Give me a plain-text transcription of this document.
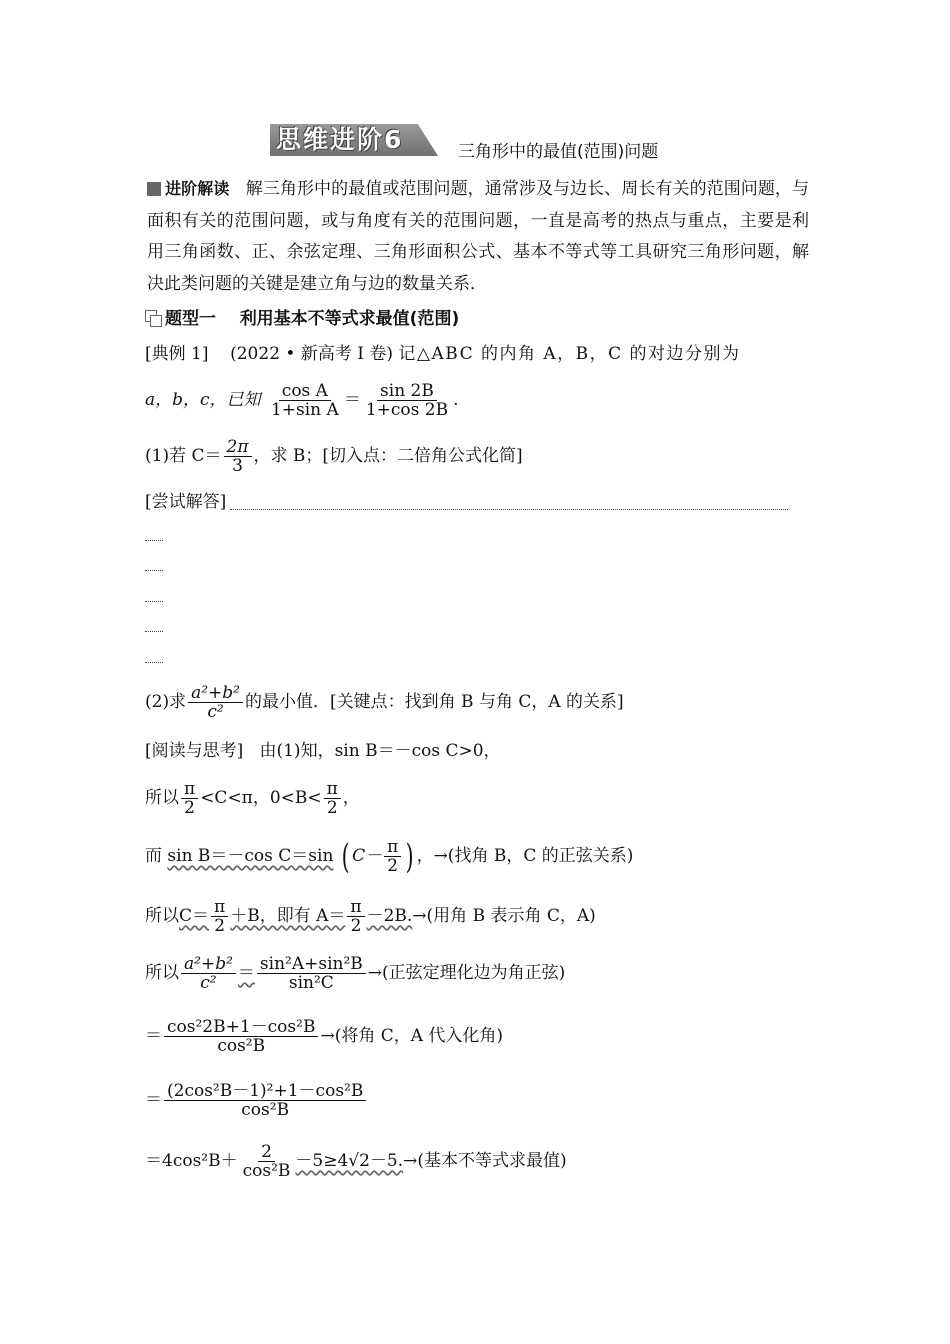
思维进阶6	三角形中的最值(范围)问题
进阶解读 解三角形中的最值或范围问题，通常涉及与边长、周长有关的范围问题，与面积有关的范围问题，或与角度有关的范围问题，一直是高考的热点与重点，主要是利用三角函数、正、余弦定理、三角形面积公式、基本不等式等工具研究三角形问题，解决此类问题的关键是建立角与边的数量关系．
题型一 利用基本不等式求最值(范围)
[典例 1] (2022 • 新高考 Ⅰ 卷) 记△ABC 的内角 A，B，C 的对边分别为
a，b，c，已知 $\frac{\text{cos A}}{\text{1+sin A}} = \frac{\sin 2B}{1+\cos 2B}$ .
(1)若 $C= \frac{2\pi}{3}$ ，求 B；[切入点：二倍角公式化简]
[尝试解答]
(2)求 $\frac{\text{a²+b²}}{\text{c²}}$ 的最小值．[关键点：找到角 B 与角 C，A 的关系]
[阅读与思考] 由(1)知，sin B＝－cos C>0，
所以 $\frac{\pi}{2} <C<\pi$，$0<B< \frac{\pi}{2}$ ，
而 sin B＝－cos C＝sin ( $C- \frac{\pi}{2}$ ) ，→(找角 B，C 的正弦关系)
所以$C= \frac{\pi}{2} +B$，即有 $A= \frac{\pi}{2} -2B.\to$(用角 B 表示角 C，A)
所以 $\frac{\text{a²+b²}}{\text{c²}} = \frac{\text{sin²A+sin²B}}{\text{sin²C}}$ →(正弦定理化边为角正弦)
＝ $\frac{\text{cos²2B+1－cos²B}}{\text{cos²B}}$ →(将角 C，A 代入化角)
＝ $\frac{\text{(2cos²B－1)²+1－cos²B}}{\text{cos²B}}$
$=4\cos^2B+ \frac{2}{\text{cos²B}} -5\ge 4√2-5.\to$(基本不等式求最值)
